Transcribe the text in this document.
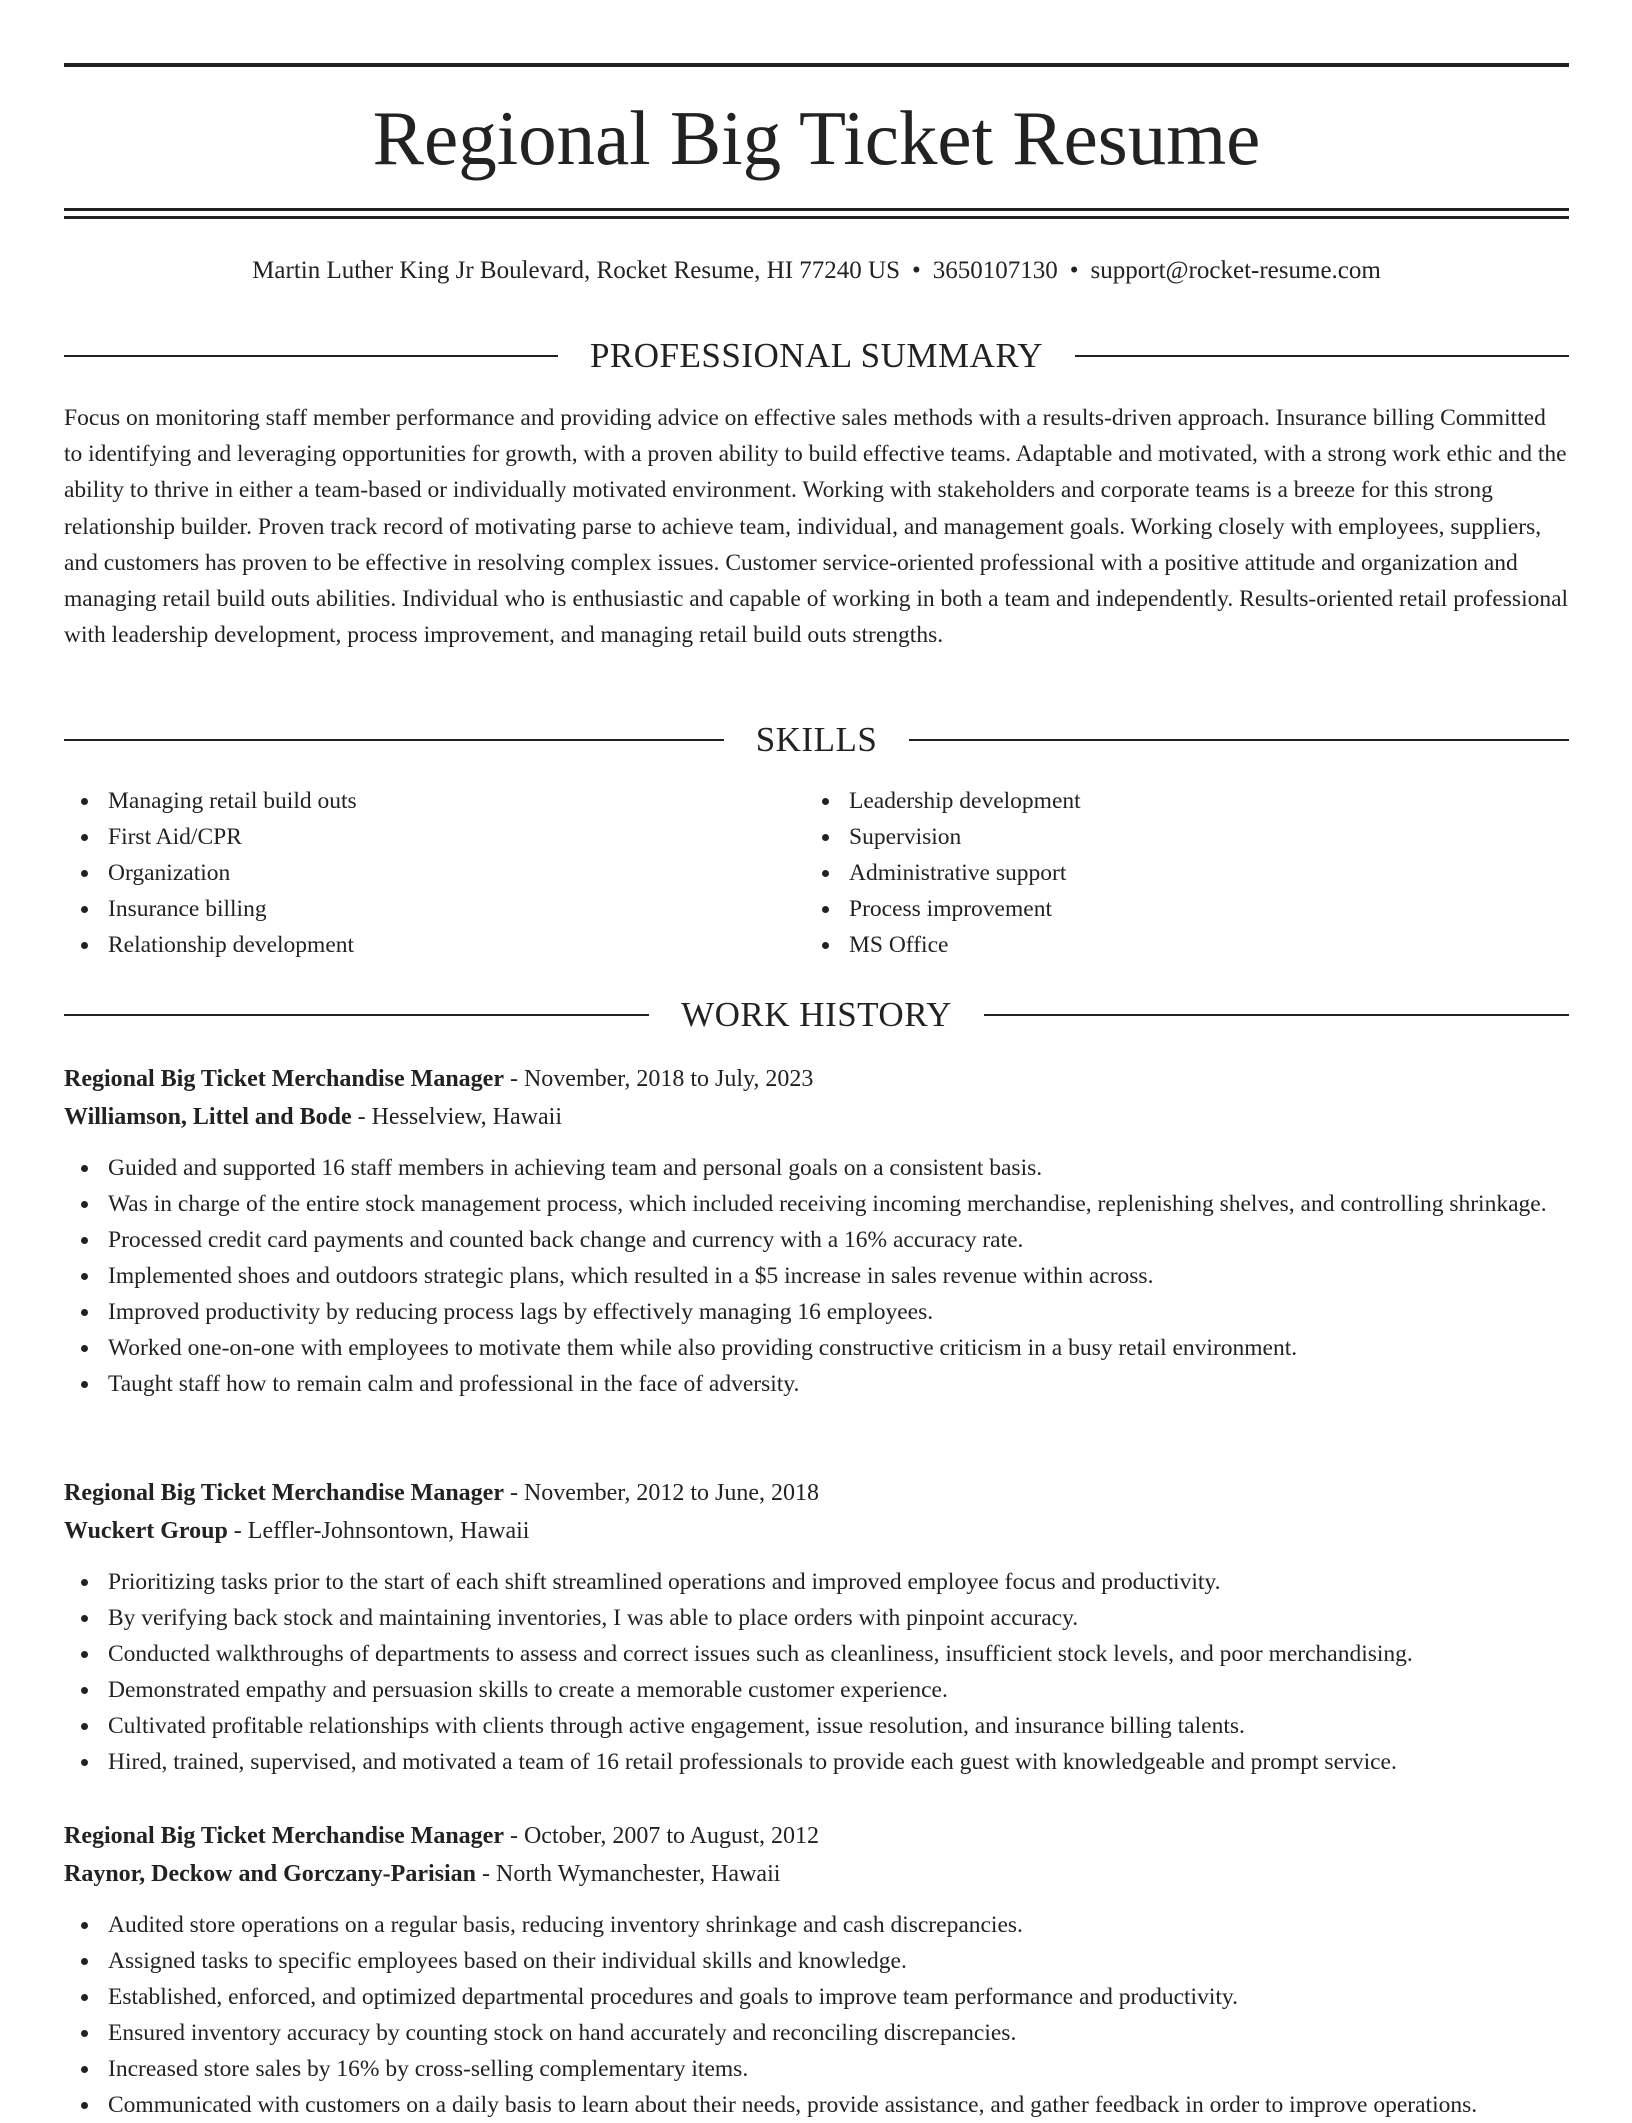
Regional Big Ticket Resume
Martin Luther King Jr Boulevard, Rocket Resume, HI 77240 US • 3650107130 • support@rocket-resume.com
PROFESSIONAL SUMMARY

Focus on monitoring staff member performance and providing advice on effective sales methods with a results-driven approach. Insurance billing Committed to identifying and leveraging opportunities for growth, with a proven ability to build effective teams. Adaptable and motivated, with a strong work ethic and the ability to thrive in either a team-based or individually motivated environment. Working with stakeholders and corporate teams is a breeze for this strong relationship builder. Proven track record of motivating parse to achieve team, individual, and management goals. Working closely with employees, suppliers, and customers has proven to be effective in resolving complex issues. Customer service-oriented professional with a positive attitude and organization and managing retail build outs abilities. Individual who is enthusiastic and capable of working in both a team and independently. Results-oriented retail professional with leadership development, process improvement, and managing retail build outs strengths.

SKILLS
Managing retail build outs
First Aid/CPR
Organization
Insurance billing
Relationship development
Leadership development
Supervision
Administrative support
Process improvement
MS Office
WORK HISTORY

Regional Big Ticket Merchandise Manager - November, 2018 to July, 2023

Williamson, Littel and Bode - Hesselview, Hawaii

Guided and supported 16 staff members in achieving team and personal goals on a consistent basis.
Was in charge of the entire stock management process, which included receiving incoming merchandise, replenishing shelves, and controlling shrinkage.
Processed credit card payments and counted back change and currency with a 16% accuracy rate.
Implemented shoes and outdoors strategic plans, which resulted in a $5 increase in sales revenue within across.
Improved productivity by reducing process lags by effectively managing 16 employees.
Worked one-on-one with employees to motivate them while also providing constructive criticism in a busy retail environment.
Taught staff how to remain calm and professional in the face of adversity.

Regional Big Ticket Merchandise Manager - November, 2012 to June, 2018

Wuckert Group - Leffler-Johnsontown, Hawaii

Prioritizing tasks prior to the start of each shift streamlined operations and improved employee focus and productivity.
By verifying back stock and maintaining inventories, I was able to place orders with pinpoint accuracy.
Conducted walkthroughs of departments to assess and correct issues such as cleanliness, insufficient stock levels, and poor merchandising.
Demonstrated empathy and persuasion skills to create a memorable customer experience.
Cultivated profitable relationships with clients through active engagement, issue resolution, and insurance billing talents.
Hired, trained, supervised, and motivated a team of 16 retail professionals to provide each guest with knowledgeable and prompt service.

Regional Big Ticket Merchandise Manager - October, 2007 to August, 2012

Raynor, Deckow and Gorczany-Parisian - North Wymanchester, Hawaii

Audited store operations on a regular basis, reducing inventory shrinkage and cash discrepancies.
Assigned tasks to specific employees based on their individual skills and knowledge.
Established, enforced, and optimized departmental procedures and goals to improve team performance and productivity.
Ensured inventory accuracy by counting stock on hand accurately and reconciling discrepancies.
Increased store sales by 16% by cross-selling complementary items.
Communicated with customers on a daily basis to learn about their needs, provide assistance, and gather feedback in order to improve operations.
